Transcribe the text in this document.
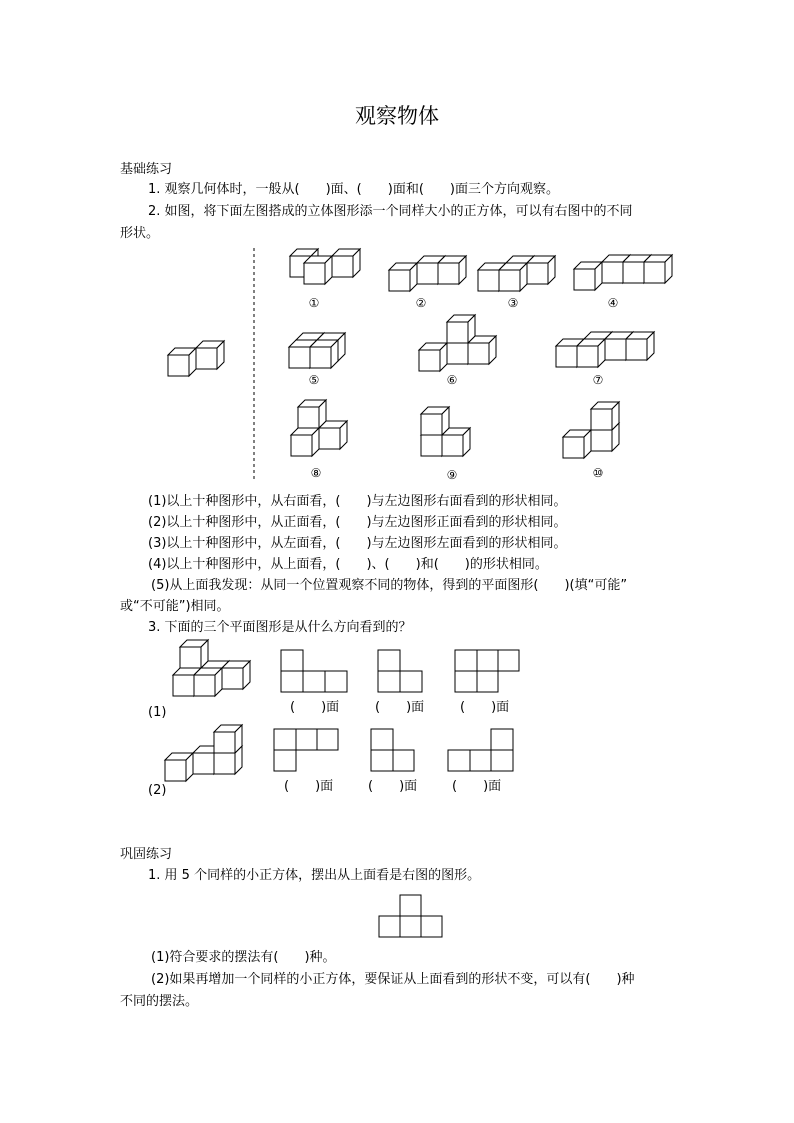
观察物体
基础练习
1. 观察几何体时，一般从(　　)面、(　　)面和(　　)面三个方向观察。
2. 如图，将下面左图搭成的立体图形添一个同样大小的正方体，可以有右图中的不同
形状。
(1)以上十种图形中，从右面看，(　　)与左边图形右面看到的形状相同。
(2)以上十种图形中，从正面看，(　　)与左边图形正面看到的形状相同。
(3)以上十种图形中，从左面看，(　　)与左边图形左面看到的形状相同。
(4)以上十种图形中，从上面看，(　　)、(　　)和(　　)的形状相同。
(5)从上面我发现：从同一个位置观察不同的物体，得到的平面图形(　　)(填“可能”
或“不可能”)相同。
3. 下面的三个平面图形是从什么方向看到的？
(1)	(　　)面	(　　)面	(　　)面
(2)	(　　)面	(　　)面	(　　)面
巩固练习
1. 用 5 个同样的小正方体，摆出从上面看是右图的图形。
(1)符合要求的摆法有(　　)种。
(2)如果再增加一个同样的小正方体，要保证从上面看到的形状不变，可以有(　　)种
不同的摆法。
①	②	③	④
⑤	⑥	⑦
⑧	⑨	⑩
